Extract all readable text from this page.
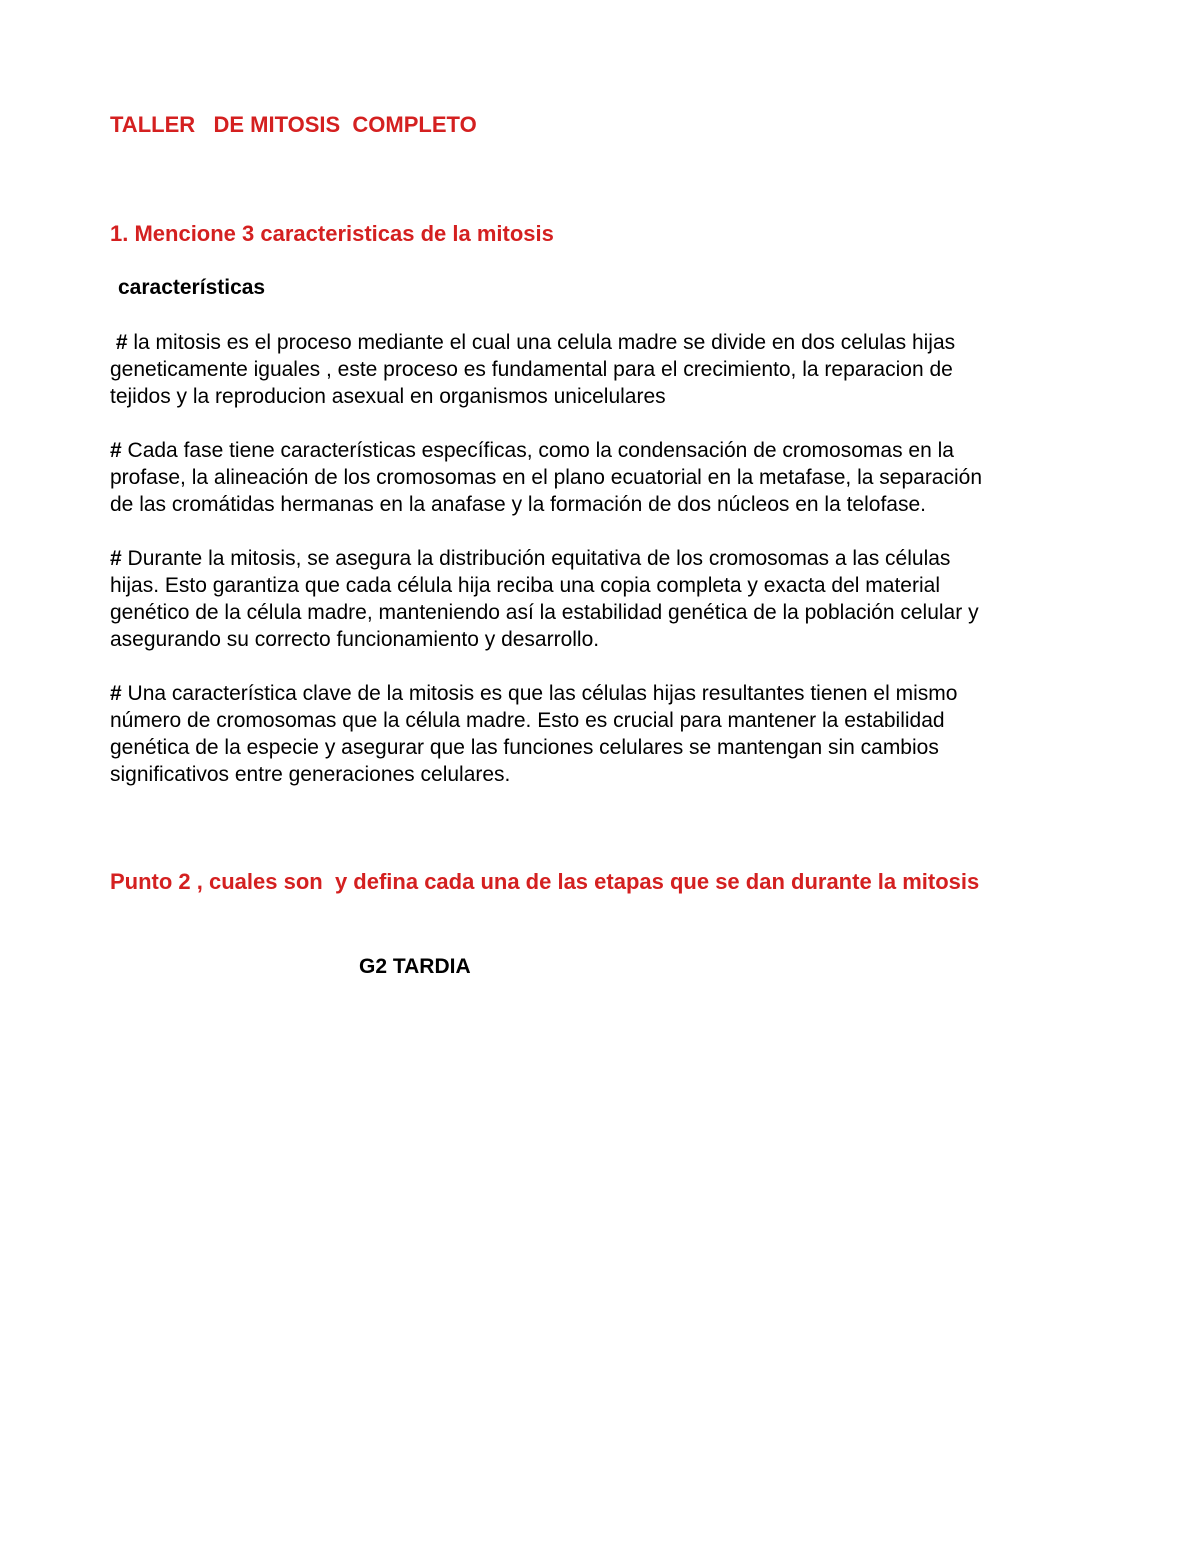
TALLER   DE MITOSIS  COMPLETO
1. Mencione 3 caracteristicas de la mitosis
características
# la mitosis es el proceso mediante el cual una celula madre se divide en dos celulas hijas
geneticamente iguales , este proceso es fundamental para el crecimiento, la reparacion de
tejidos y la reproducion asexual en organismos unicelulares
# Cada fase tiene características específicas, como la condensación de cromosomas en la
profase, la alineación de los cromosomas en el plano ecuatorial en la metafase, la separación
de las cromátidas hermanas en la anafase y la formación de dos núcleos en la telofase.
# Durante la mitosis, se asegura la distribución equitativa de los cromosomas a las células
hijas. Esto garantiza que cada célula hija reciba una copia completa y exacta del material
genético de la célula madre, manteniendo así la estabilidad genética de la población celular y
asegurando su correcto funcionamiento y desarrollo.
# Una característica clave de la mitosis es que las células hijas resultantes tienen el mismo
número de cromosomas que la célula madre. Esto es crucial para mantener la estabilidad
genética de la especie y asegurar que las funciones celulares se mantengan sin cambios
significativos entre generaciones celulares.
Punto 2 , cuales son  y defina cada una de las etapas que se dan durante la mitosis
G2 TARDIA
